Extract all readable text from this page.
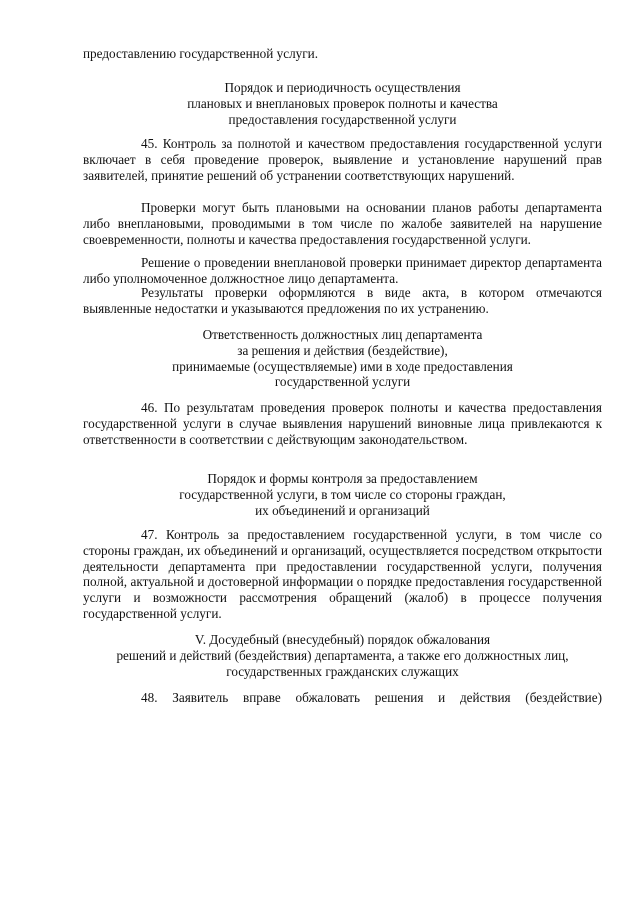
предоставлению государственной услуги.

Порядок и периодичность осуществления
плановых и внеплановых проверок полноты и качества
предоставления государственной услуги

45. Контроль за полнотой и качеством предоставления государственной услуги включает в себя проведение проверок, выявление и установление нарушений прав заявителей, принятие решений об устранении соответствующих нарушений.

Проверки могут быть плановыми на основании планов работы департамента либо внеплановыми, проводимыми в том числе по жалобе заявителей на нарушение своевременности, полноты и качества предоставления государственной услуги.

Решение о проведении внеплановой проверки принимает директор департамента либо уполномоченное должностное лицо департамента.

Результаты проверки оформляются в виде акта, в котором отмечаются выявленные недостатки и указываются предложения по их устранению.

Ответственность должностных лиц департамента
за решения и действия (бездействие),
принимаемые (осуществляемые) ими в ходе предоставления
государственной услуги

46. По результатам проведения проверок полноты и качества предоставления государственной услуги в случае выявления нарушений виновные лица привлекаются к ответственности в соответствии с действующим законодательством.

Порядок и формы контроля за предоставлением
государственной услуги, в том числе со стороны граждан,
их объединений и организаций

47. Контроль за предоставлением государственной услуги, в том числе со стороны граждан, их объединений и организаций, осуществляется посредством открытости деятельности департамента при предоставлении государственной услуги, получения полной, актуальной и достоверной информации о порядке предоставления государственной услуги и возможности рассмотрения обращений (жалоб) в процессе получения государственной услуги.

V. Досудебный (внесудебный) порядок обжалования
решений и действий (бездействия) департамента, а также его должностных лиц,
государственных гражданских служащих

48. Заявитель вправе обжаловать решения и действия (бездействие)
